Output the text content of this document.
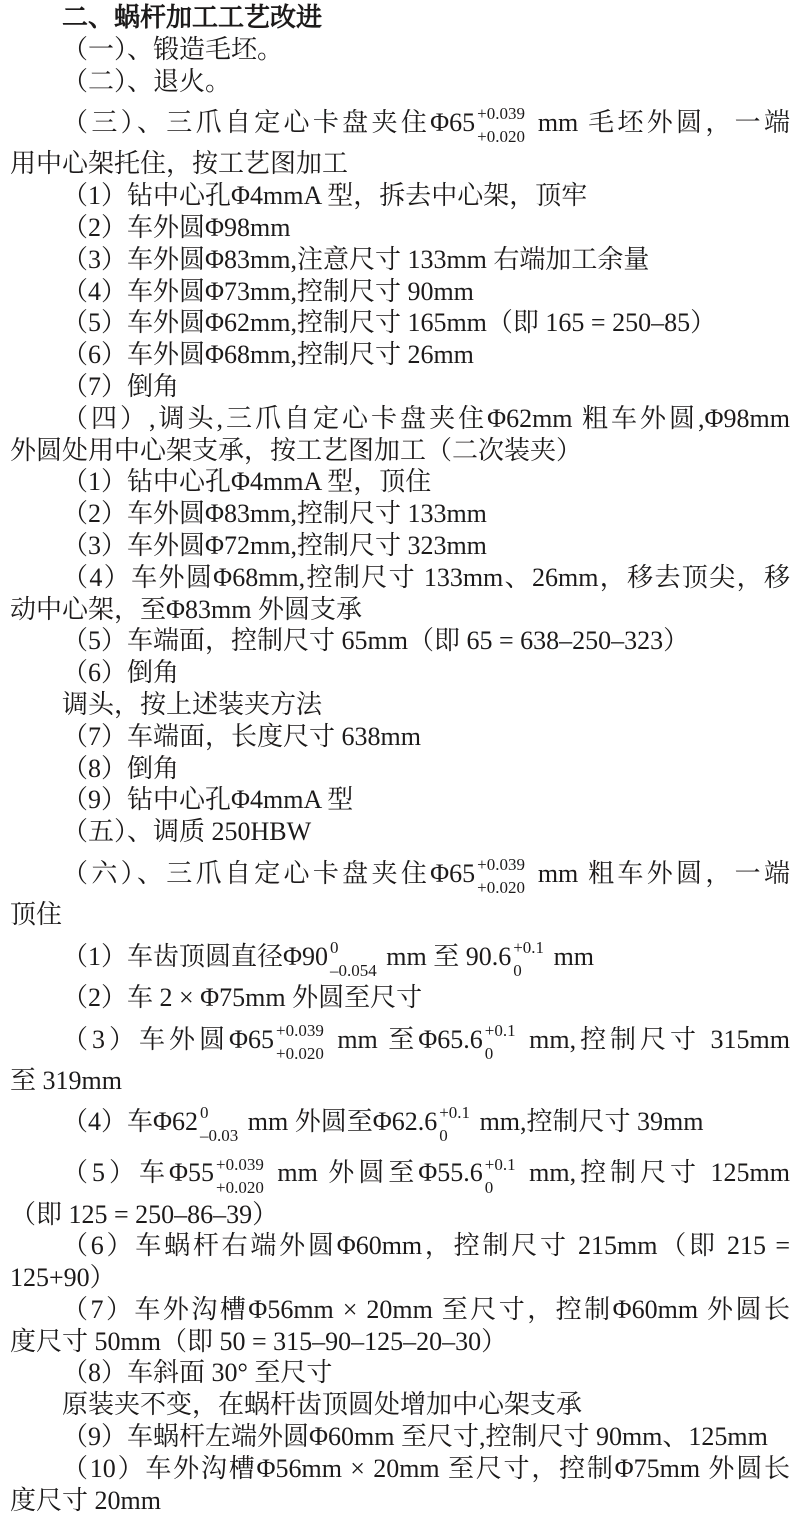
二、蜗杆加工工艺改进
（一）、锻造毛坯。
（二）、退火。
（三）、三爪自定心卡盘夹住Φ65 +0.039
+0.020 mm 毛坯外圆，一端
用中心架托住，按工艺图加工
（1）钻中心孔Φ4mmA 型，拆去中心架，顶牢
（2）车外圆Φ98mm
（3）车外圆Φ83mm,注意尺寸 133mm 右端加工余量
（4）车外圆Φ73mm,控制尺寸 90mm
（5）车外圆Φ62mm,控制尺寸 165mm（即 165 = 250–85）
（6）车外圆Φ68mm,控制尺寸 26mm
（7）倒角
（四）,调头,三爪自定心卡盘夹住Φ62mm 粗车外圆,Φ98mm
外圆处用中心架支承，按工艺图加工（二次装夹）
（1）钻中心孔Φ4mmA 型，顶住
（2）车外圆Φ83mm,控制尺寸 133mm
（3）车外圆Φ72mm,控制尺寸 323mm
（4）车外圆Φ68mm,控制尺寸 133mm、26mm，移去顶尖，移
动中心架，至Φ83mm 外圆支承
（5）车端面，控制尺寸 65mm（即 65 = 638–250–323）
（6）倒角
调头，按上述装夹方法
（7）车端面，长度尺寸 638mm
（8）倒角
（9）钻中心孔Φ4mmA 型
（五）、调质 250HBW
（六）、三爪自定心卡盘夹住Φ65 +0.039
+0.020 mm 粗车外圆，一端
顶住
（1）车齿顶圆直径Φ90 0
–0.054 mm 至 90.6 +0.1
0 mm
（2）车 2 × Φ75mm 外圆至尺寸
（3）车外圆Φ65 +0.039
+0.020 mm 至Φ65.6 +0.1
0 mm,控制尺寸 315mm
至 319mm
（4）车Φ62 0
–0.03 mm 外圆至Φ62.6 +0.1
0 mm,控制尺寸 39mm
（5）车Φ55 +0.039
+0.020 mm 外圆至Φ55.6 +0.1
0 mm,控制尺寸 125mm
（即 125 = 250–86–39）
（6）车蜗杆右端外圆Φ60mm，控制尺寸 215mm（即 215 =
125+90）
（7）车外沟槽Φ56mm × 20mm 至尺寸，控制Φ60mm 外圆长
度尺寸 50mm（即 50 = 315–90–125–20–30）
（8）车斜面 30° 至尺寸
原装夹不变，在蜗杆齿顶圆处增加中心架支承
（9）车蜗杆左端外圆Φ60mm 至尺寸,控制尺寸 90mm、125mm
（10）车外沟槽Φ56mm × 20mm 至尺寸，控制Φ75mm 外圆长
度尺寸 20mm
